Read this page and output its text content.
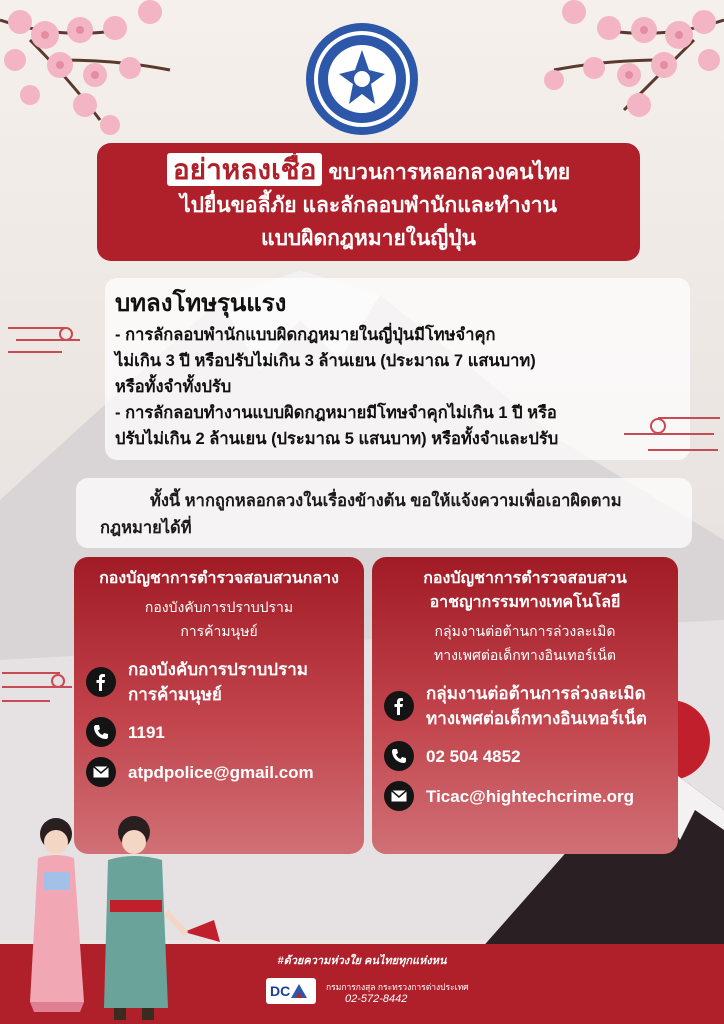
อย่าหลงเชื่อ ขบวนการหลอกลวงคนไทย
ไปยื่นขอลี้ภัย และลักลอบพำนักและทำงาน
แบบผิดกฎหมายในญี่ปุ่น
บทลงโทษรุนแรง
- การลักลอบพำนักแบบผิดกฎหมายในญี่ปุ่นมีโทษจำคุก
ไม่เกิน 3 ปี หรือปรับไม่เกิน 3 ล้านเยน (ประมาณ 7 แสนบาท)
หรือทั้งจำทั้งปรับ
- การลักลอบทำงานแบบผิดกฎหมายมีโทษจำคุกไม่เกิน 1 ปี หรือ
ปรับไม่เกิน 2 ล้านเยน (ประมาณ 5 แสนบาท) หรือทั้งจำและปรับ
ทั้งนี้ หากถูกหลอกลวงในเรื่องข้างต้น ขอให้แจ้งความเพื่อเอาผิดตามกฎหมายได้ที่
กองบัญชาการตำรวจสอบสวนกลาง
กองบังคับการปราบปราม
การค้ามนุษย์
กองบังคับการปราบปราม
การค้ามนุษย์
1191
atpdpolice@gmail.com
กองบัญชาการตำรวจสอบสวน
อาชญากรรมทางเทคโนโลยี
กลุ่มงานต่อต้านการล่วงละเมิด
ทางเพศต่อเด็กทางอินเทอร์เน็ต
กลุ่มงานต่อต้านการล่วงละเมิด
ทางเพศต่อเด็กทางอินเทอร์เน็ต
02 504 4852
Ticac@hightechcrime.org
#ด้วยความห่วงใย คนไทยทุกแห่งหน
DC	กรมการกงสุล กระทรวงการต่างประเทศ
02-572-8442
